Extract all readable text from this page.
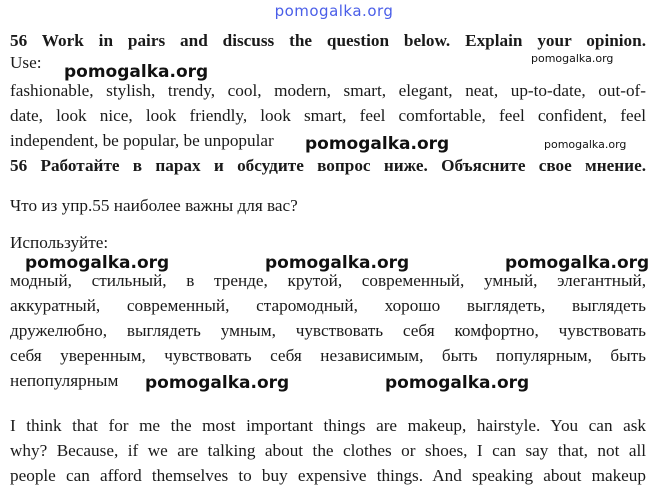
pomogalka.org
56 Work in pairs and discuss the question below. Explain your opinion.
Use:
fashionable, stylish, trendy, cool, modern, smart, elegant, neat, up-to-date, out-of-
date, look nice, look friendly, look smart, feel comfortable, feel confident, feel
independent, be popular, be unpopular
56 Работайте в парах и обсудите вопрос ниже. Объясните свое мнение.
Что из упр.55 наиболее важны для вас?
Используйте:
модный, стильный, в тренде, крутой, современный, умный, элегантный,
аккуратный, современный, старомодный, хорошо выглядеть, выглядеть
дружелюбно, выглядеть умным, чувствовать себя комфортно, чувствовать
себя уверенным, чувствовать себя независимым, быть популярным, быть
непопулярным
I think that for me the most important things are makeup, hairstyle. You can ask
why? Because, if we are talking about the clothes or shoes, I can say that, not all
people can afford themselves to buy expensive things. And speaking about makeup
pomogalka.org
pomogalka.org
pomogalka.org	pomogalka.org
pomogalka.org	pomogalka.org	pomogalka.org
pomogalka.org	pomogalka.org
